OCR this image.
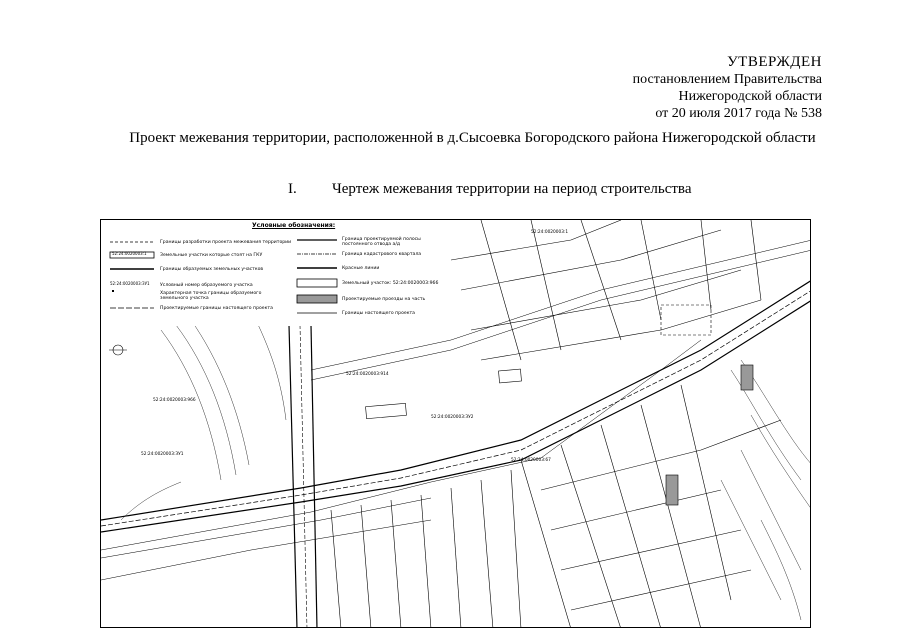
УТВЕРЖДЕН
постановлением Правительства
Нижегородской области
от 20 июля 2017 года № 538
Проект межевания территории, расположенной в д.Сысоевка Богородского района Нижегородской области
I. Чертеж межевания территории на период строительства
Условные обозначения:
Границы разработки проекта межевания территории
52:24:0020003:1	Земельные участки которые стоят на ГКУ
Границы образуемых земельных участков
52:24:0020003:ЗУ1 Условный номер образуемого участка
Характерная точка границы образуемого земельного участка
Проектируемые границы настоящего проекта
Граница проектируемой полосы постоянного отвода а/д
Граница кадастрового квартала
Красные линии
Земельный участок: 52:24:0020003:966
Проектируемые проезды на часть
Границы настоящего проекта
52:24:0020003:966
52:24:0020003:ЗУ1
52:24:0020003:ЗУ2
52:24:0020003:914
52:24:0020003:1
52:24:0020003:67
